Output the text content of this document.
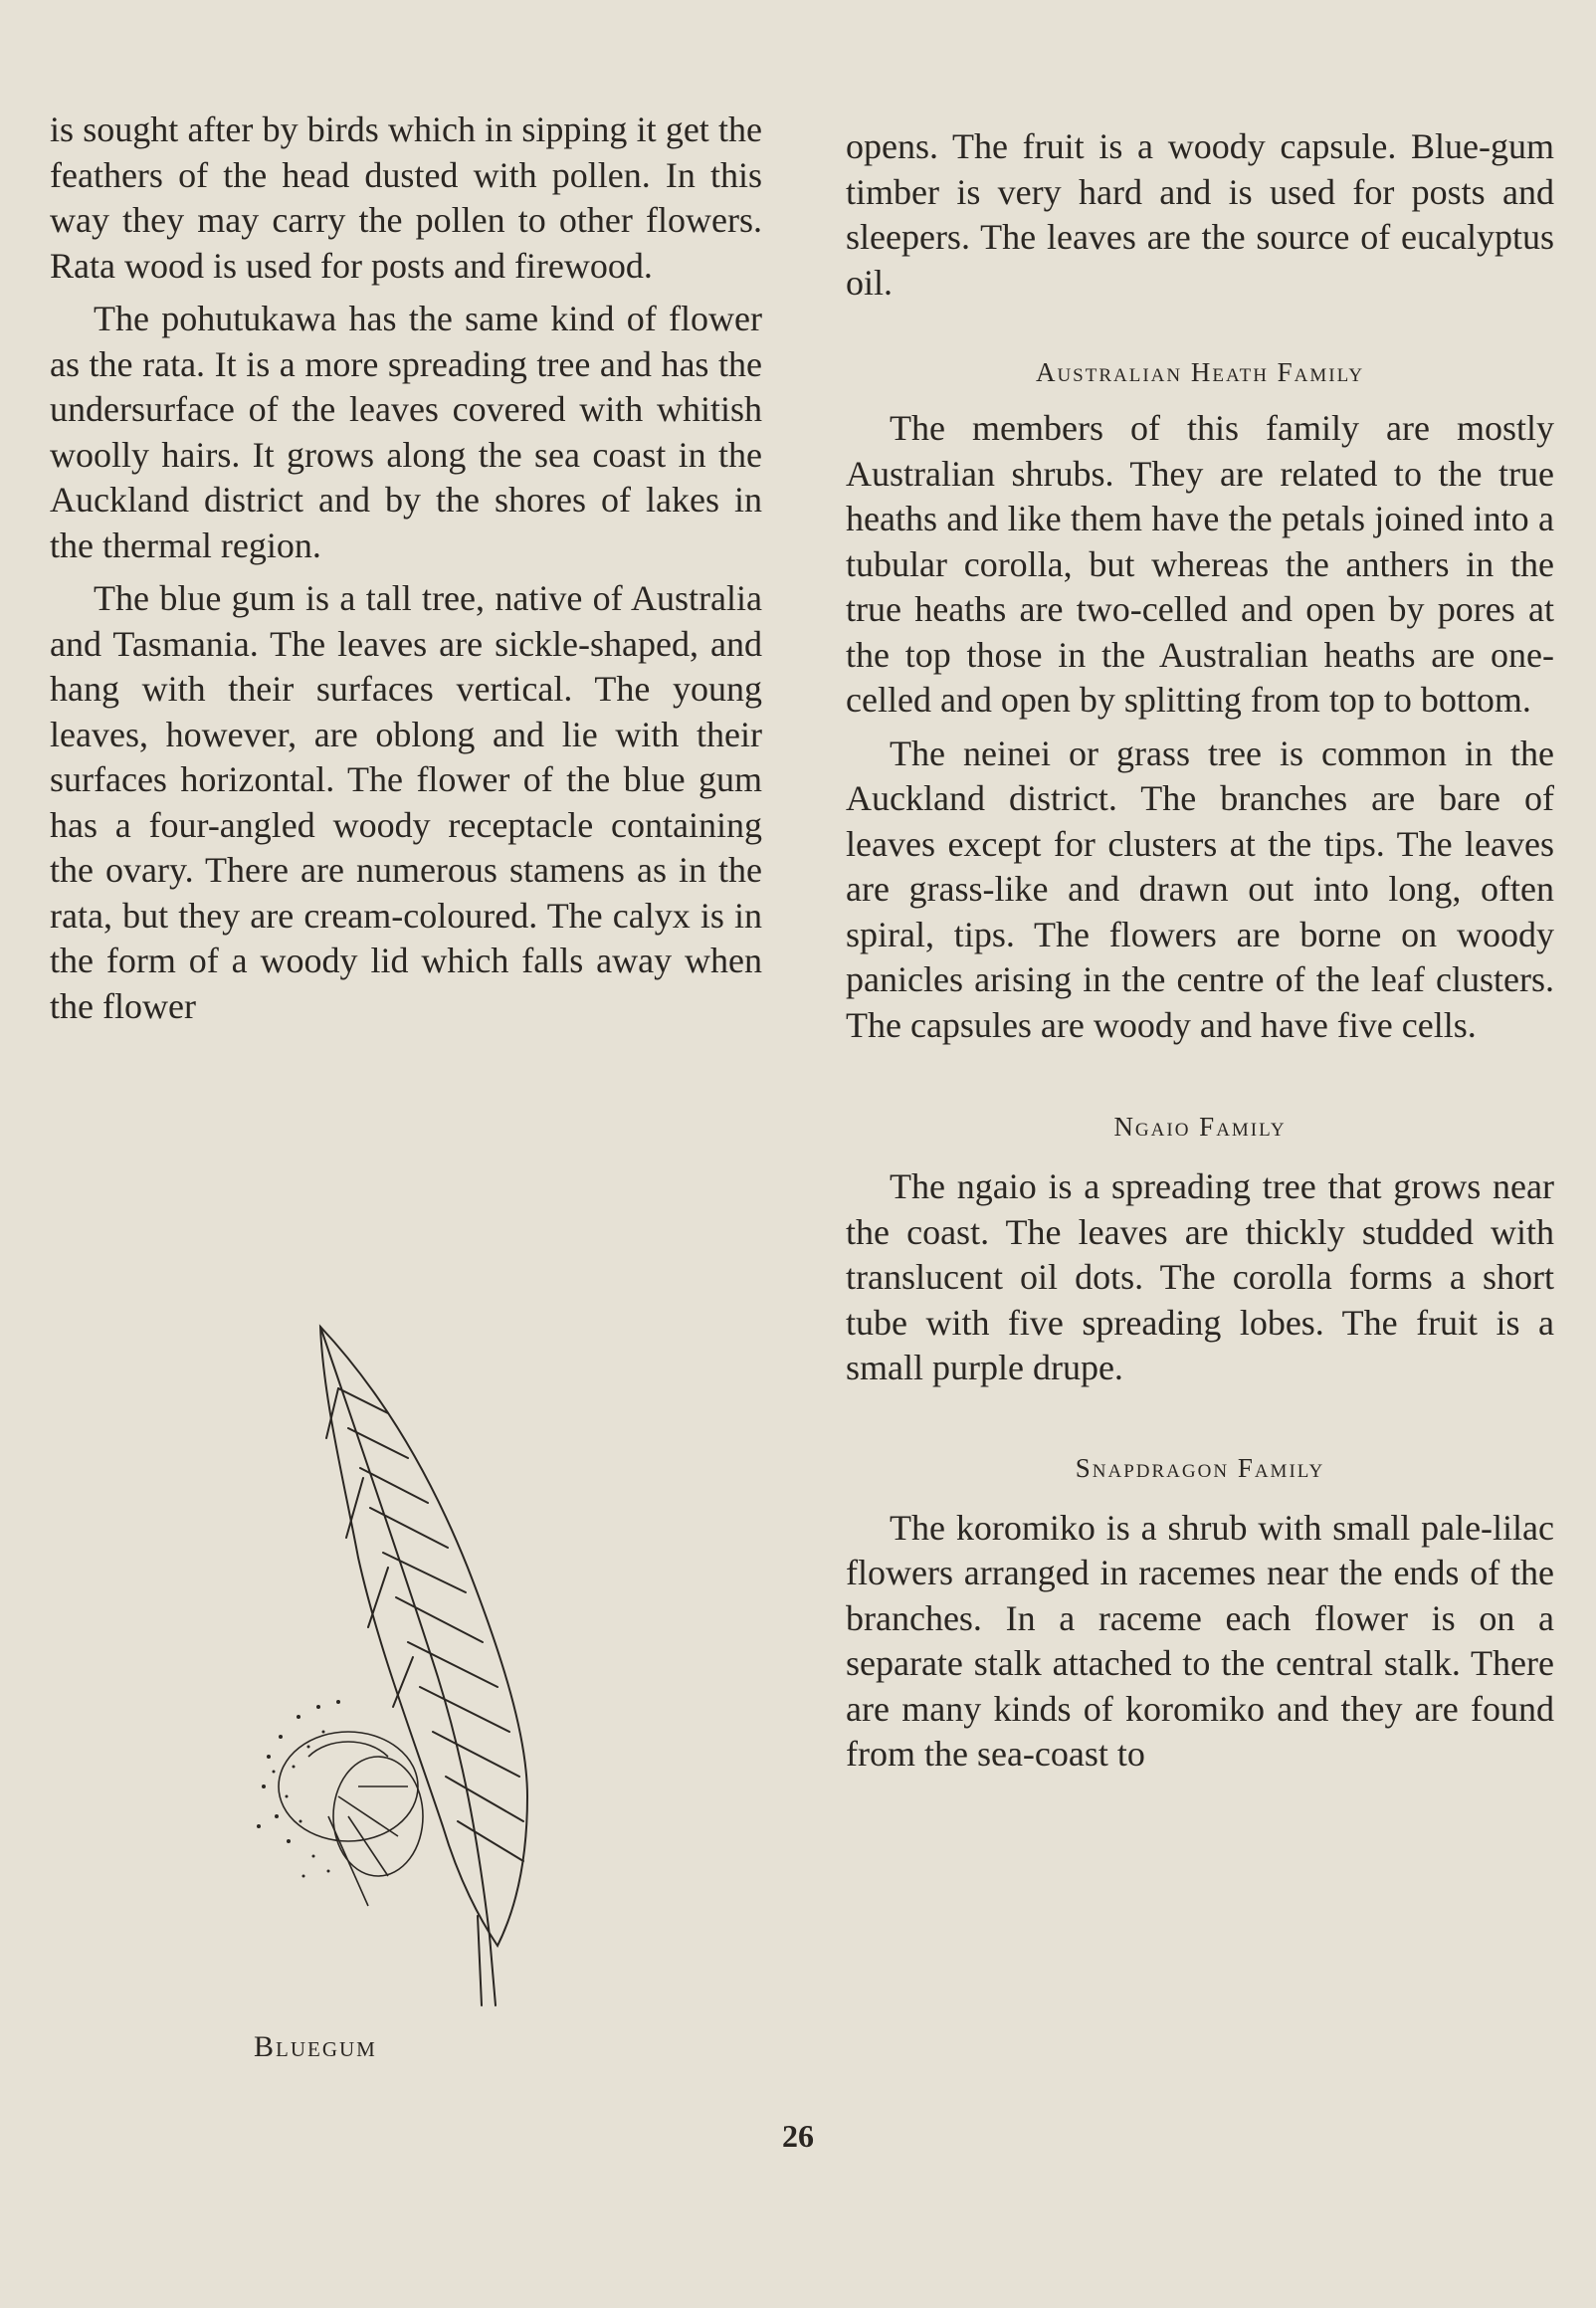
is sought after by birds which in sipping it get the feathers of the head dusted with pollen. In this way they may carry the pollen to other flowers. Rata wood is used for posts and firewood.

The pohutukawa has the same kind of flower as the rata. It is a more spreading tree and has the undersurface of the leaves covered with whitish woolly hairs. It grows along the sea coast in the Auckland district and by the shores of lakes in the thermal region.

The blue gum is a tall tree, native of Australia and Tasmania. The leaves are sickle-shaped, and hang with their surfaces vertical. The young leaves, however, are oblong and lie with their surfaces horizontal. The flower of the blue gum has a four-angled woody receptacle containing the ovary. There are numerous stamens as in the rata, but they are cream-coloured. The calyx is in the form of a woody lid which falls away when the flower

Bluegum

opens. The fruit is a woody capsule. Blue-gum timber is very hard and is used for posts and sleepers. The leaves are the source of eucalyptus oil.

Australian Heath Family

The members of this family are mostly Australian shrubs. They are related to the true heaths and like them have the petals joined into a tubular corolla, but whereas the anthers in the true heaths are two-celled and open by pores at the top those in the Australian heaths are one-celled and open by splitting from top to bottom.

The neinei or grass tree is common in the Auckland district. The branches are bare of leaves except for clusters at the tips. The leaves are grass-like and drawn out into long, often spiral, tips. The flowers are borne on woody panicles arising in the centre of the leaf clusters. The capsules are woody and have five cells.

Ngaio Family

The ngaio is a spreading tree that grows near the coast. The leaves are thickly studded with translucent oil dots. The corolla forms a short tube with five spreading lobes. The fruit is a small purple drupe.

Snapdragon Family

The koromiko is a shrub with small pale-lilac flowers arranged in racemes near the ends of the branches. In a raceme each flower is on a separate stalk attached to the central stalk. There are many kinds of koromiko and they are found from the sea-coast to

26
